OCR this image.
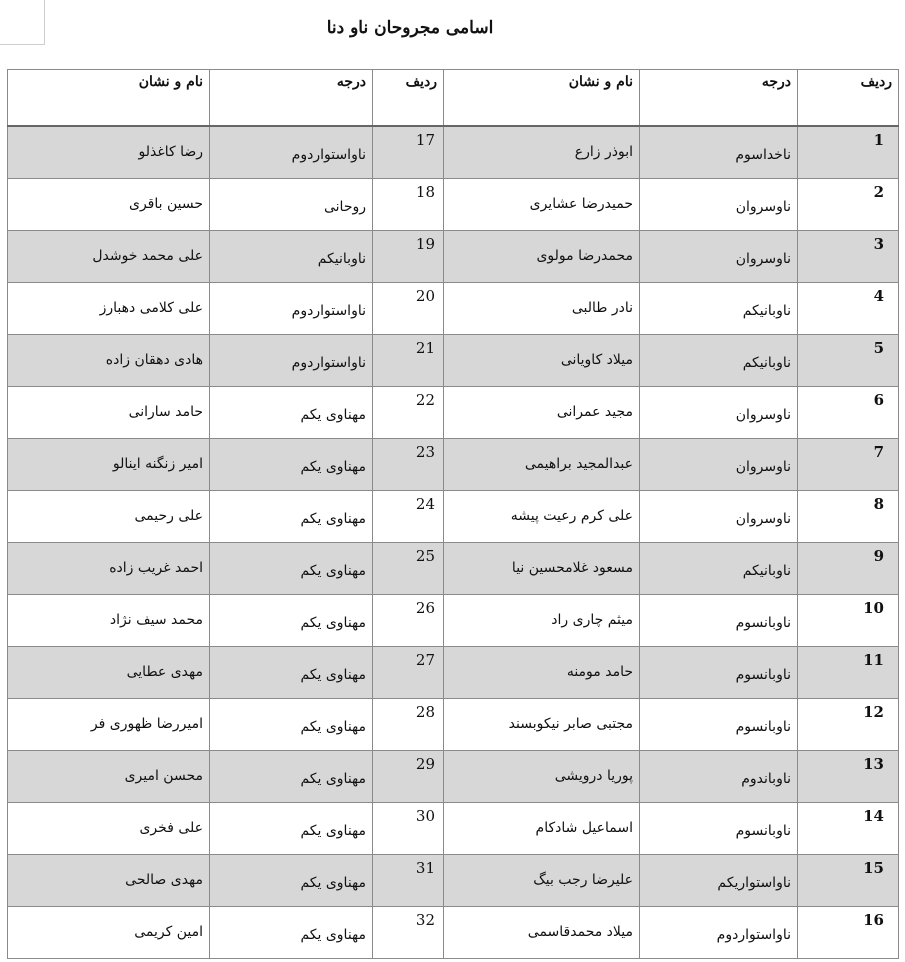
اسامی مجروحان ناو دنا
ردیف	درجه	نام و نشان	ردیف	درجه	نام و نشان
1	ناخداسوم	ابوذر زارع	17	ناواستواردوم	رضا کاغذلو
2	ناوسروان	حمیدرضا عشایری	18	روحانی	حسین باقری
3	ناوسروان	محمدرضا مولوی	19	ناوبانیکم	علی محمد خوشدل
4	ناوبانیکم	نادر طالبی	20	ناواستواردوم	علی کلامی دهبارز
5	ناوبانیکم	میلاد کاویانی	21	ناواستواردوم	هادی دهقان زاده
6	ناوسروان	مجید عمرانی	22	مهناوی یکم	حامد سارانی
7	ناوسروان	عبدالمجید براهیمی	23	مهناوی یکم	امیر زنگنه اینالو
8	ناوسروان	علی کرم رعیت پیشه	24	مهناوی یکم	علی رحیمی
9	ناوبانیکم	مسعود غلامحسین نیا	25	مهناوی یکم	احمد غریب زاده
10	ناوبانسوم	میثم چاری راد	26	مهناوی یکم	محمد سیف نژاد
11	ناوبانسوم	حامد مومنه	27	مهناوی یکم	مهدی عطایی
12	ناوبانسوم	مجتبی صابر نیکوبسند	28	مهناوی یکم	امیررضا ظهوری فر
13	ناوباندوم	پوریا درویشی	29	مهناوی یکم	محسن امیری
14	ناوبانسوم	اسماعیل شادکام	30	مهناوی یکم	علی فخری
15	ناواستواریکم	علیرضا رجب بیگ	31	مهناوی یکم	مهدی صالحی
16	ناواستواردوم	میلاد محمدقاسمی	32	مهناوی یکم	امین کریمی
